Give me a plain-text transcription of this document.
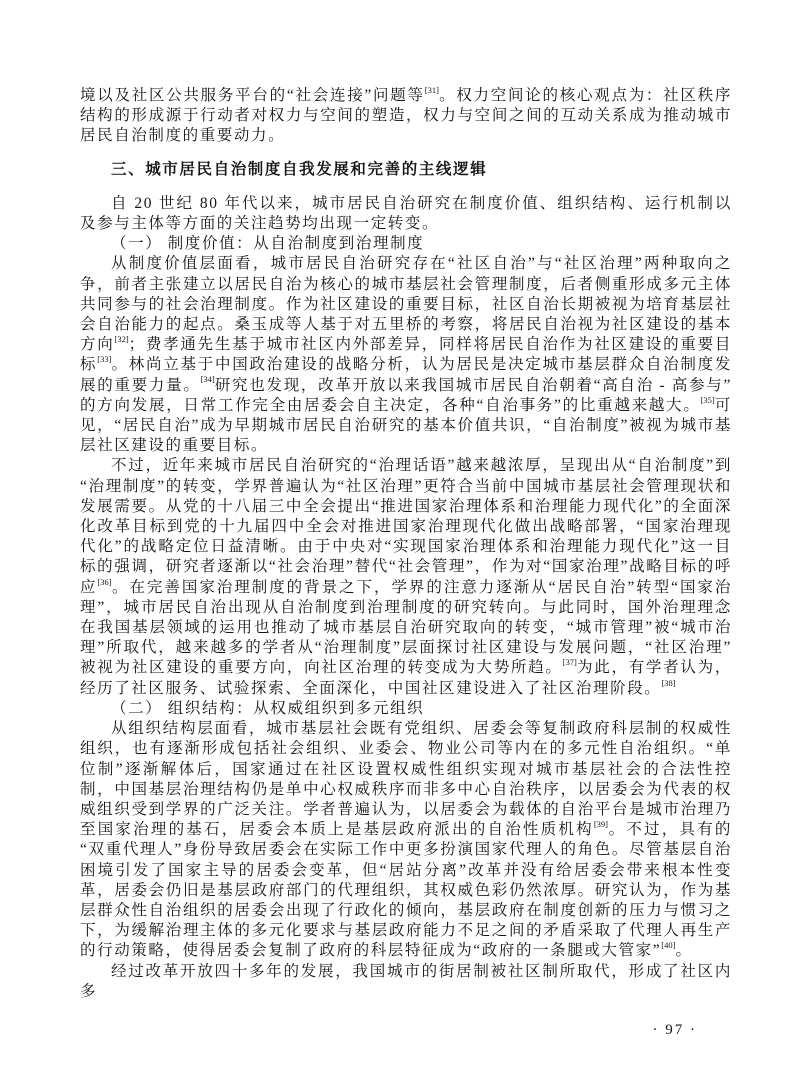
境以及社区公共服务平台的“社会连接”问题等[31]。权力空间论的核心观点为：社区秩序结构的形成源于行动者对权力与空间的塑造，权力与空间之间的互动关系成为推动城市居民自治制度的重要动力。

三、城市居民自治制度自我发展和完善的主线逻辑

自 20 世纪 80 年代以来，城市居民自治研究在制度价值、组织结构、运行机制以及参与主体等方面的关注趋势均出现一定转变。

（一） 制度价值：从自治制度到治理制度

从制度价值层面看，城市居民自治研究存在“社区自治”与“社区治理”两种取向之争，前者主张建立以居民自治为核心的城市基层社会管理制度，后者侧重形成多元主体共同参与的社会治理制度。作为社区建设的重要目标，社区自治长期被视为培育基层社会自治能力的起点。桑玉成等人基于对五里桥的考察，将居民自治视为社区建设的基本方向[32]；费孝通先生基于城市社区内外部差异，同样将居民自治作为社区建设的重要目标[33]。林尚立基于中国政治建设的战略分析，认为居民是决定城市基层群众自治制度发展的重要力量。[34]研究也发现，改革开放以来我国城市居民自治朝着“高自治 - 高参与”的方向发展，日常工作完全由居委会自主决定，各种“自治事务”的比重越来越大。[35]可见，“居民自治”成为早期城市居民自治研究的基本价值共识，“自治制度”被视为城市基层社区建设的重要目标。

不过，近年来城市居民自治研究的“治理话语”越来越浓厚，呈现出从“自治制度”到“治理制度”的转变，学界普遍认为“社区治理”更符合当前中国城市基层社会管理现状和发展需要。从党的十八届三中全会提出“推进国家治理体系和治理能力现代化”的全面深化改革目标到党的十九届四中全会对推进国家治理现代化做出战略部署，“国家治理现代化”的战略定位日益清晰。由于中央对“实现国家治理体系和治理能力现代化”这一目标的强调，研究者逐渐以“社会治理”替代“社会管理”，作为对“国家治理”战略目标的呼应[36]。在完善国家治理制度的背景之下，学界的注意力逐渐从“居民自治”转型“国家治理”，城市居民自治出现从自治制度到治理制度的研究转向。与此同时，国外治理理念在我国基层领域的运用也推动了城市基层自治研究取向的转变，“城市管理”被“城市治理”所取代，越来越多的学者从“治理制度”层面探讨社区建设与发展问题，“社区治理”被视为社区建设的重要方向，向社区治理的转变成为大势所趋。[37]为此，有学者认为，经历了社区服务、试验探索、全面深化，中国社区建设进入了社区治理阶段。[38]

（二） 组织结构：从权威组织到多元组织

从组织结构层面看，城市基层社会既有党组织、居委会等复制政府科层制的权威性组织，也有逐渐形成包括社会组织、业委会、物业公司等内在的多元性自治组织。“单位制”逐渐解体后，国家通过在社区设置权威性组织实现对城市基层社会的合法性控制，中国基层治理结构仍是单中心权威秩序而非多中心自治秩序，以居委会为代表的权威组织受到学界的广泛关注。学者普遍认为，以居委会为载体的自治平台是城市治理乃至国家治理的基石，居委会本质上是基层政府派出的自治性质机构[39]。不过，具有的“双重代理人”身份导致居委会在实际工作中更多扮演国家代理人的角色。尽管基层自治困境引发了国家主导的居委会变革，但“居站分离”改革并没有给居委会带来根本性变革，居委会仍旧是基层政府部门的代理组织，其权威色彩仍然浓厚。研究认为，作为基层群众性自治组织的居委会出现了行政化的倾向，基层政府在制度创新的压力与惯习之下，为缓解治理主体的多元化要求与基层政府能力不足之间的矛盾采取了代理人再生产的行动策略，使得居委会复制了政府的科层特征成为“政府的一条腿或大管家”[40]。

经过改革开放四十多年的发展，我国城市的街居制被社区制所取代，形成了社区内多

· 97 ·
